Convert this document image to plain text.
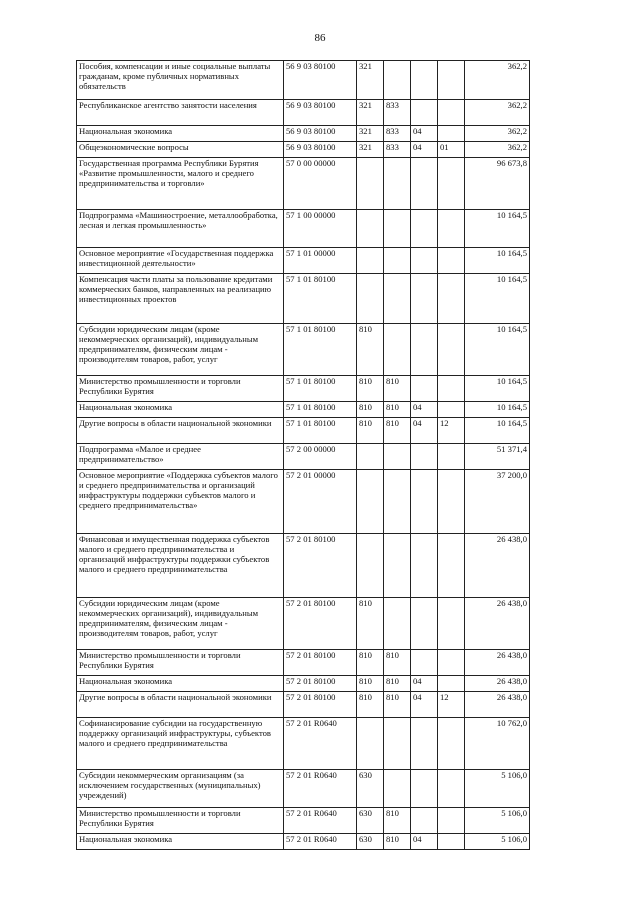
86
Пособия, компенсации и иные социальные выплаты гражданам, кроме публичных нормативных обязательств	56 9 03 80100	321				362,2
Республиканское агентство занятости населения	56 9 03 80100	321	833			362,2
Национальная экономика	56 9 03 80100	321	833	04		362,2
Общеэкономические вопросы	56 9 03 80100	321	833	04	01	362,2
Государственная программа Республики Бурятия «Развитие промышленности, малого и среднего предпринимательства и торговли»	57 0 00 00000					96 673,8
Подпрограмма «Машиностроение, металлообработка, лесная и легкая промышленность»	57 1 00 00000					10 164,5
Основное мероприятие «Государственная поддержка инвестиционной деятельности»	57 1 01 00000					10 164,5
Компенсация части платы за пользование кредитами коммерческих банков, направленных на реализацию инвестиционных проектов	57 1 01 80100					10 164,5
Субсидии юридическим лицам (кроме некоммерческих организаций), индивидуальным предпринимателям, физическим лицам - производителям товаров, работ, услуг	57 1 01 80100	810				10 164,5
Министерство промышленности и торговли Республики Бурятия	57 1 01 80100	810	810			10 164,5
Национальная экономика	57 1 01 80100	810	810	04		10 164,5
Другие вопросы в области национальной экономики	57 1 01 80100	810	810	04	12	10 164,5
Подпрограмма «Малое и среднее предпринимательство»	57 2 00 00000					51 371,4
Основное мероприятие «Поддержка субъектов малого и среднего предпринимательства и организаций инфраструктуры поддержки субъектов малого и среднего предпринимательства»	57 2 01 00000					37 200,0
Финансовая и имущественная поддержка субъектов малого и среднего предпринимательства и организаций инфраструктуры поддержки субъектов малого и среднего предпринимательства	57 2 01 80100					26 438,0
Субсидии юридическим лицам (кроме некоммерческих организаций), индивидуальным предпринимателям, физическим лицам - производителям товаров, работ, услуг	57 2 01 80100	810				26 438,0
Министерство промышленности и торговли Республики Бурятия	57 2 01 80100	810	810			26 438,0
Национальная экономика	57 2 01 80100	810	810	04		26 438,0
Другие вопросы в области национальной экономики	57 2 01 80100	810	810	04	12	26 438,0
Софинансирование субсидии на государственную поддержку организаций инфраструктуры, субъектов малого и среднего предпринимательства	57 2 01 R0640					10 762,0
Субсидии некоммерческим организациям (за исключением государственных (муниципальных) учреждений)	57 2 01 R0640	630				5 106,0
Министерство промышленности и торговли Республики Бурятия	57 2 01 R0640	630	810			5 106,0
Национальная экономика	57 2 01 R0640	630	810	04		5 106,0
